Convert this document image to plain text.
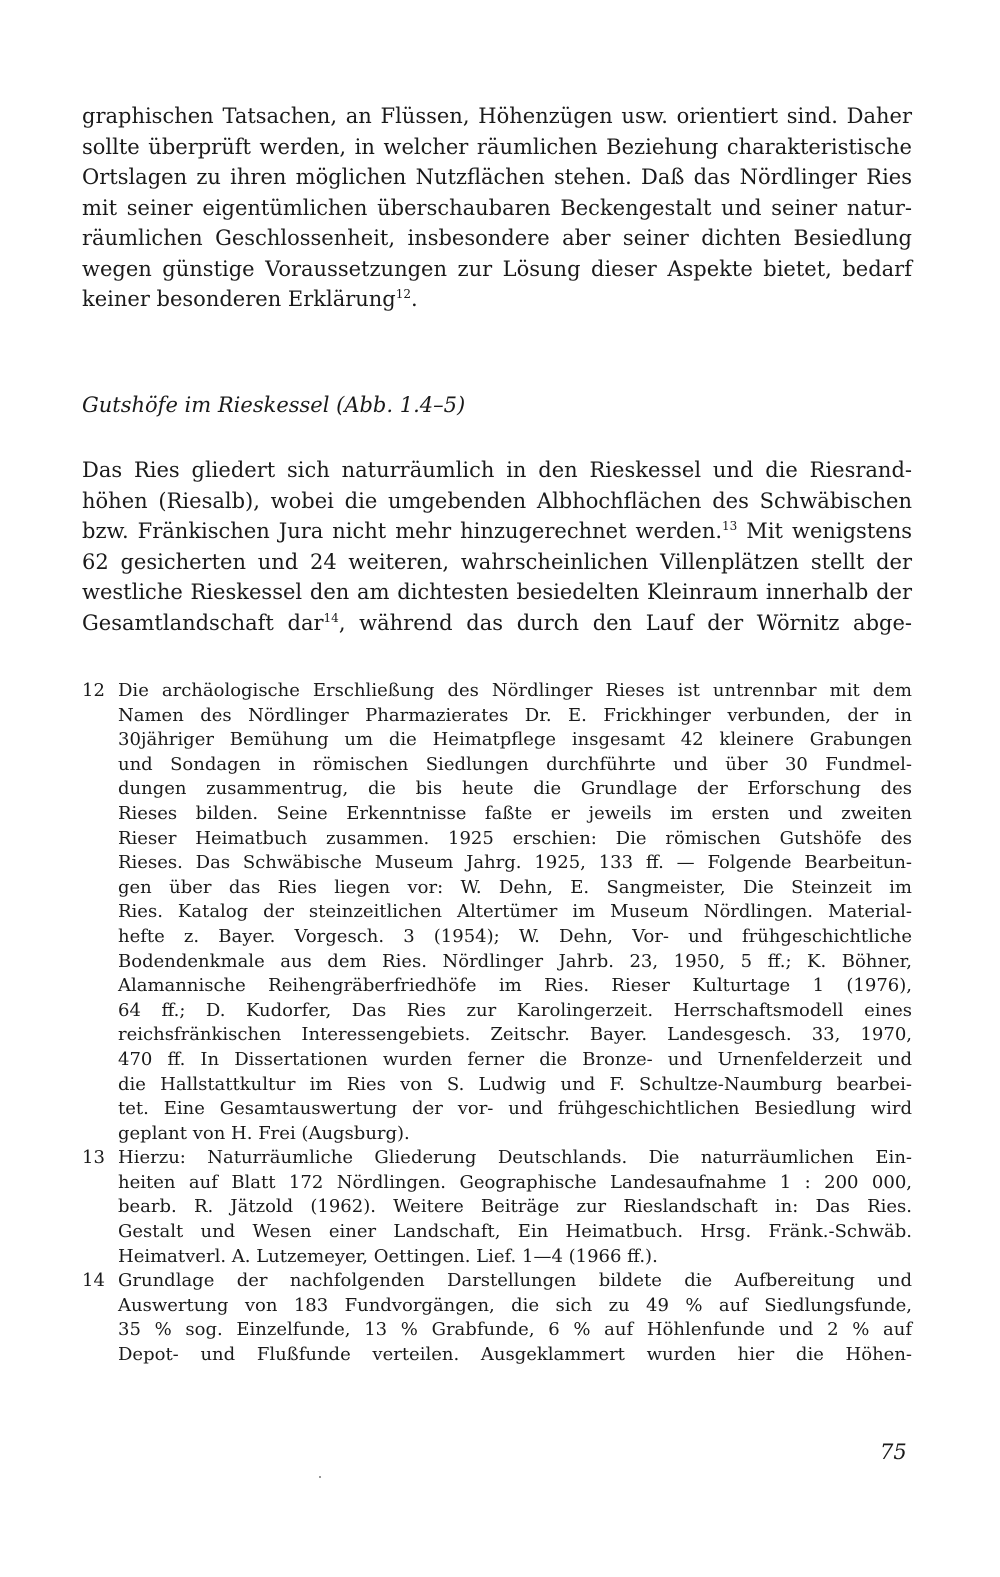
graphischen Tatsachen, an Flüssen, Höhenzügen usw. orientiert sind. Daher
sollte überprüft werden, in welcher räumlichen Beziehung charakteristische
Ortslagen zu ihren möglichen Nutzflächen stehen. Daß das Nördlinger Ries
mit seiner eigentümlichen überschaubaren Beckengestalt und seiner natur-
räumlichen Geschlossenheit, insbesondere aber seiner dichten Besiedlung
wegen günstige Voraussetzungen zur Lösung dieser Aspekte bietet, bedarf
keiner besonderen Erklärung$^{12}$.
Gutshöfe im Rieskessel (Abb. 1.4–5)
Das Ries gliedert sich naturräumlich in den Rieskessel und die Riesrand-
höhen (Riesalb), wobei die umgebenden Albhochflächen des Schwäbischen
bzw. Fränkischen Jura nicht mehr hinzugerechnet werden.$^{13}$ Mit wenigstens
62 gesicherten und 24 weiteren, wahrscheinlichen Villenplätzen stellt der
westliche Rieskessel den am dichtesten besiedelten Kleinraum innerhalb der
Gesamtlandschaft dar$^{14}$, während das durch den Lauf der Wörnitz abge-
12 Die archäologische Erschließung des Nördlinger Rieses ist untrennbar mit dem
Namen des Nördlinger Pharmazierates Dr. E. Frickhinger verbunden, der in
30jähriger Bemühung um die Heimatpflege insgesamt 42 kleinere Grabungen
und Sondagen in römischen Siedlungen durchführte und über 30 Fundmel-
dungen zusammentrug, die bis heute die Grundlage der Erforschung des
Rieses bilden. Seine Erkenntnisse faßte er jeweils im ersten und zweiten
Rieser Heimatbuch zusammen. 1925 erschien: Die römischen Gutshöfe des
Rieses. Das Schwäbische Museum Jahrg. 1925, 133 ff. — Folgende Bearbeitun-
gen über das Ries liegen vor: W. Dehn, E. Sangmeister, Die Steinzeit im
Ries. Katalog der steinzeitlichen Altertümer im Museum Nördlingen. Material-
hefte z. Bayer. Vorgesch. 3 (1954); W. Dehn, Vor- und frühgeschichtliche
Bodendenkmale aus dem Ries. Nördlinger Jahrb. 23, 1950, 5 ff.; K. Böhner,
Alamannische Reihengräberfriedhöfe im Ries. Rieser Kulturtage 1 (1976),
64 ff.; D. Kudorfer, Das Ries zur Karolingerzeit. Herrschaftsmodell eines
reichsfränkischen Interessengebiets. Zeitschr. Bayer. Landesgesch. 33, 1970,
470 ff. In Dissertationen wurden ferner die Bronze- und Urnenfelderzeit und
die Hallstattkultur im Ries von S. Ludwig und F. Schultze-Naumburg bearbei-
tet. Eine Gesamtauswertung der vor- und frühgeschichtlichen Besiedlung wird
geplant von H. Frei (Augsburg).
13 Hierzu: Naturräumliche Gliederung Deutschlands. Die naturräumlichen Ein-
heiten auf Blatt 172 Nördlingen. Geographische Landesaufnahme 1 : 200 000,
bearb. R. Jätzold (1962). Weitere Beiträge zur Rieslandschaft in: Das Ries.
Gestalt und Wesen einer Landschaft, Ein Heimatbuch. Hrsg. Fränk.-Schwäb.
Heimatverl. A. Lutzemeyer, Oettingen. Lief. 1—4 (1966 ff.).
14 Grundlage der nachfolgenden Darstellungen bildete die Aufbereitung und
Auswertung von 183 Fundvorgängen, die sich zu 49 % auf Siedlungsfunde,
35 % sog. Einzelfunde, 13 % Grabfunde, 6 % auf Höhlenfunde und 2 % auf
Depot- und Flußfunde verteilen. Ausgeklammert wurden hier die Höhen-
75
